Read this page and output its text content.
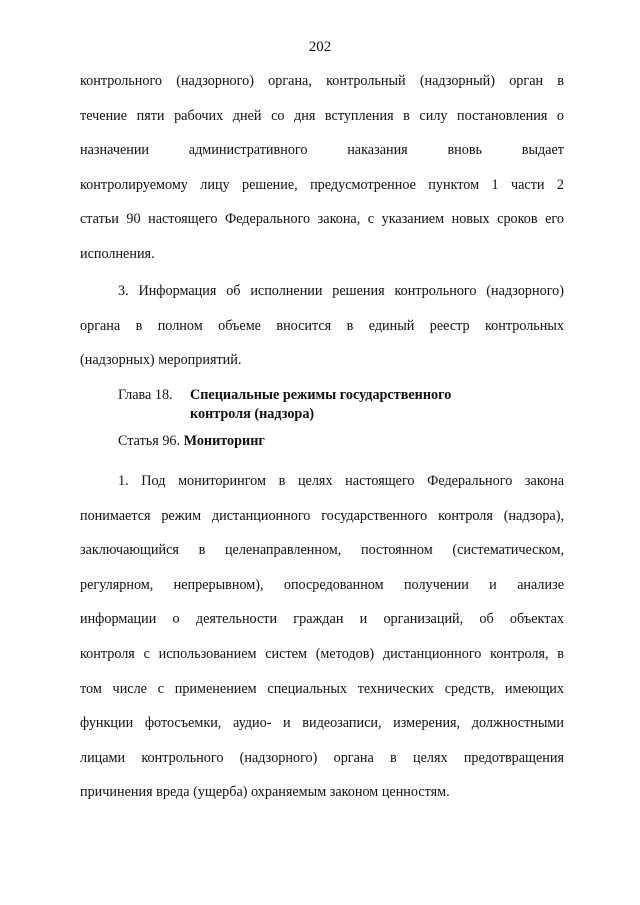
202
контрольного (надзорного) органа, контрольный (надзорный) орган в
течение пяти рабочих дней со дня вступления в силу постановления о
назначении административного наказания вновь выдает
контролируемому лицу решение, предусмотренное пунктом 1 части 2
статьи 90 настоящего Федерального закона, с указанием новых сроков его
исполнения.
3. Информация об исполнении решения контрольного (надзорного)
органа в полном объеме вносится в единый реестр контрольных
(надзорных) мероприятий.
Глава 18. Специальные режимы государственного
контроля (надзора)
Статья 96. Мониторинг
1. Под мониторингом в целях настоящего Федерального закона
понимается режим дистанционного государственного контроля (надзора),
заключающийся в целенаправленном, постоянном (систематическом,
регулярном, непрерывном), опосредованном получении и анализе
информации о деятельности граждан и организаций, об объектах
контроля с использованием систем (методов) дистанционного контроля, в
том числе с применением специальных технических средств, имеющих
функции фотосъемки, аудио- и видеозаписи, измерения, должностными
лицами контрольного (надзорного) органа в целях предотвращения
причинения вреда (ущерба) охраняемым законом ценностям.
